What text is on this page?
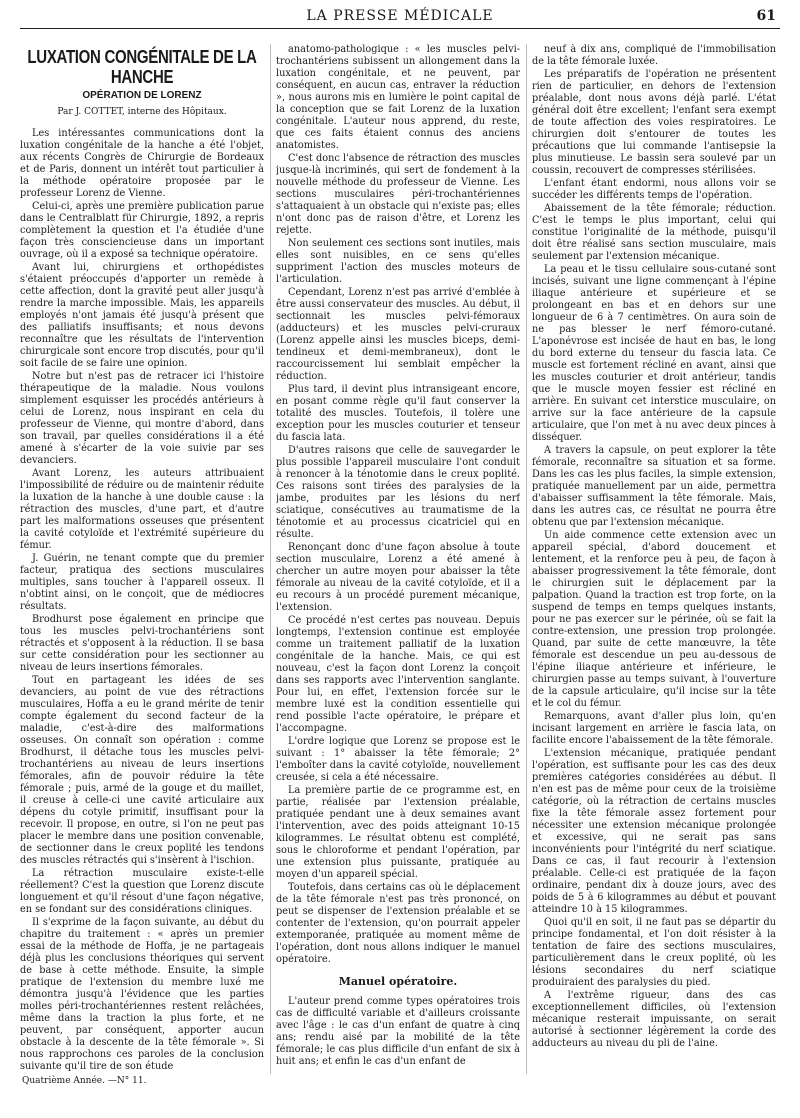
LA PRESSE MÉDICALE	61
LUXATION CONGÉNITALE DE LA HANCHE
OPÉRATION DE LORENZ
Par J. COTTET, interne des Hôpitaux.

Les intéressantes communications dont la luxation congénitale de la hanche a été l'objet, aux récents Congrès de Chirurgie de Bordeaux et de Paris, donnent un intérêt tout particulier à la méthode opératoire proposée par le professeur Lorenz de Vienne.

Celui-ci, après une première publication parue dans le Centralblatt für Chirurgie, 1892, a repris complètement la question et l'a étudiée d'une façon très consciencieuse dans un important ouvrage, où il a exposé sa technique opératoire.

Avant lui, chirurgiens et orthopédistes s'étaient préoccupés d'apporter un remède à cette affection, dont la gravité peut aller jusqu'à rendre la marche impossible. Mais, les appareils employés n'ont jamais été jusqu'à présent que des palliatifs insuffisants; et nous devons reconnaître que les résultats de l'intervention chirurgicale sont encore trop discutés, pour qu'il soit facile de se faire une opinion.

Notre but n'est pas de retracer ici l'histoire thérapeutique de la maladie. Nous voulons simplement esquisser les procédés antérieurs à celui de Lorenz, nous inspirant en cela du professeur de Vienne, qui montre d'abord, dans son travail, par quelles considérations il a été amené à s'écarter de la voie suivie par ses devanciers.

Avant Lorenz, les auteurs attribuaient l'impossibilité de réduire ou de maintenir réduite la luxation de la hanche à une double cause : la rétraction des muscles, d'une part, et d'autre part les malformations osseuses que présentent la cavité cotyloïde et l'extrémité supérieure du fémur.

J. Guérin, ne tenant compte que du premier facteur, pratiqua des sections musculaires multiples, sans toucher à l'appareil osseux. Il n'obtint ainsi, on le conçoit, que de médiocres résultats.

Brodhurst pose également en principe que tous les muscles pelvi-trochantériens sont rétractés et s'opposent à la réduction. Il se basa sur cette considération pour les sectionner au niveau de leurs insertions fémorales.

Tout en partageant les idées de ses devanciers, au point de vue des rétractions musculaires, Hoffa a eu le grand mérite de tenir compte également du second facteur de la maladie, c'est-à-dire des malformations osseuses. On connaît son opération : comme Brodhurst, il détache tous les muscles pelvi-trochantériens au niveau de leurs insertions fémorales, afin de pouvoir réduire la tête fémorale ; puis, armé de la gouge et du maillet, il creuse à celle-ci une cavité articulaire aux dépens du cotyle primitif, insuffisant pour la recevoir. Il propose, en outre, si l'on ne peut pas placer le membre dans une position convenable, de sectionner dans le creux poplité les tendons des muscles rétractés qui s'insèrent à l'ischion.

La rétraction musculaire existe-t-elle réellement? C'est la question que Lorenz discute longuement et qu'il résout d'une façon négative, en se fondant sur des considérations cliniques.

Il s'exprime de la façon suivante, au début du chapitre du traitement : « après un premier essai de la méthode de Hoffa, je ne partageais déjà plus les conclusions théoriques qui servent de base à cette méthode. Ensuite, la simple pratique de l'extension du membre luxé me démontra jusqu'à l'évidence que les parties molles péri-trochantériennes restent relâchées, même dans la traction la plus forte, et ne peuvent, par conséquent, apporter aucun obstacle à la descente de la tête fémorale ». Si nous rapprochons ces paroles de la conclusion suivante qu'il tire de son étude

anatomo-pathologique : « les muscles pelvi-trochantériens subissent un allongement dans la luxation congénitale, et ne peuvent, par conséquent, en aucun cas, entraver la réduction », nous aurons mis en lumière le point capital de la conception que se fait Lorenz de la luxation congénitale. L'auteur nous apprend, du reste, que ces faits étaient connus des anciens anatomistes.

C'est donc l'absence de rétraction des muscles jusque-là incriminés, qui sert de fondement à la nouvelle méthode du professeur de Vienne. Les sections musculaires péri-trochantériennes s'attaquaient à un obstacle qui n'existe pas; elles n'ont donc pas de raison d'être, et Lorenz les rejette.

Non seulement ces sections sont inutiles, mais elles sont nuisibles, en ce sens qu'elles suppriment l'action des muscles moteurs de l'articulation.

Cependant, Lorenz n'est pas arrivé d'emblée à être aussi conservateur des muscles. Au début, il sectionnait les muscles pelvi-fémoraux (adducteurs) et les muscles pelvi-cruraux (Lorenz appelle ainsi les muscles biceps, demi-tendineux et demi-membraneux), dont le raccourcissement lui semblait empêcher la réduction.

Plus tard, il devint plus intransigeant encore, en posant comme règle qu'il faut conserver la totalité des muscles. Toutefois, il tolère une exception pour les muscles couturier et tenseur du fascia lata.

D'autres raisons que celle de sauvegarder le plus possible l'appareil musculaire l'ont conduit à renoncer à la ténotomie dans le creux poplité. Ces raisons sont tirées des paralysies de la jambe, produites par les lésions du nerf sciatique, consécutives au traumatisme de la ténotomie et au processus cicatriciel qui en résulte.

Renonçant donc d'une façon absolue à toute section musculaire, Lorenz a été amené à chercher un autre moyen pour abaisser la tête fémorale au niveau de la cavité cotyloïde, et il a eu recours à un procédé purement mécanique, l'extension.

Ce procédé n'est certes pas nouveau. Depuis longtemps, l'extension continue est employée comme un traitement palliatif de la luxation congénitale de la hanche. Mais, ce qui est nouveau, c'est la façon dont Lorenz la conçoit dans ses rapports avec l'intervention sanglante. Pour lui, en effet, l'extension forcée sur le membre luxé est la condition essentielle qui rend possible l'acte opératoire, le prépare et l'accompagne.

L'ordre logique que Lorenz se propose est le suivant : 1° abaisser la tête fémorale; 2° l'emboîter dans la cavité cotyloïde, nouvellement creusée, si cela a été nécessaire.

La première partie de ce programme est, en partie, réalisée par l'extension préalable, pratiquée pendant une à deux semaines avant l'intervention, avec des poids atteignant 10-15 kilogrammes. Le résultat obtenu est complété, sous le chloroforme et pendant l'opération, par une extension plus puissante, pratiquée au moyen d'un appareil spécial.

Toutefois, dans certains cas où le déplacement de la tête fémorale n'est pas très prononcé, on peut se dispenser de l'extension préalable et se contenter de l'extension, qu'on pourrait appeler extemporanée, pratiquée au moment même de l'opération, dont nous allons indiquer le manuel opératoire.

Manuel opératoire.

L'auteur prend comme types opératoires trois cas de difficulté variable et d'ailleurs croissante avec l'âge : le cas d'un enfant de quatre à cinq ans; rendu aisé par la mobilité de la tête fémorale; le cas plus difficile d'un enfant de six à huit ans; et enfin le cas d'un enfant de

neuf à dix ans, compliqué de l'immobilisation de la tête fémorale luxée.

Les préparatifs de l'opération ne présentent rien de particulier, en dehors de l'extension préalable, dont nous avons déjà parlé. L'état général doit être excellent; l'enfant sera exempt de toute affection des voies respiratoires. Le chirurgien doit s'entourer de toutes les précautions que lui commande l'antisepsie la plus minutieuse. Le bassin sera soulevé par un coussin, recouvert de compresses stérilisées.

L'enfant étant endormi, nous allons voir se succéder les différents temps de l'opération.

Abaissement de la tête fémorale; réduction. C'est le temps le plus important, celui qui constitue l'originalité de la méthode, puisqu'il doit être réalisé sans section musculaire, mais seulement par l'extension mécanique.

La peau et le tissu cellulaire sous-cutané sont incisés, suivant une ligne commençant à l'épine iliaque antérieure et supérieure et se prolongeant en bas et en dehors sur une longueur de 6 à 7 centimètres. On aura soin de ne pas blesser le nerf fémoro-cutané. L'aponévrose est incisée de haut en bas, le long du bord externe du tenseur du fascia lata. Ce muscle est fortement récliné en avant, ainsi que les muscles couturier et droit antérieur, tandis que le muscle moyen fessier est récliné en arrière. En suivant cet interstice musculaire, on arrive sur la face antérieure de la capsule articulaire, que l'on met à nu avec deux pinces à disséquer.

A travers la capsule, on peut explorer la tête fémorale, reconnaître sa situation et sa forme. Dans les cas les plus faciles, la simple extension, pratiquée manuellement par un aide, permettra d'abaisser suffisamment la tête fémorale. Mais, dans les autres cas, ce résultat ne pourra être obtenu que par l'extension mécanique.

Un aide commence cette extension avec un appareil spécial, d'abord doucement et lentement, et la renforce peu à peu, de façon à abaisser progressivement la tête fémorale, dont le chirurgien suit le déplacement par la palpation. Quand la traction est trop forte, on la suspend de temps en temps quelques instants, pour ne pas exercer sur le périnée, où se fait la contre-extension, une pression trop prolongée. Quand, par suite de cette manœuvre, la tête fémorale est descendue un peu au-dessous de l'épine iliaque antérieure et inférieure, le chirurgien passe au temps suivant, à l'ouverture de la capsule articulaire, qu'il incise sur la tête et le col du fémur.

Remarquons, avant d'aller plus loin, qu'en incisant largement en arrière le fascia lata, on facilite encore l'abaissement de la tête fémorale.

L'extension mécanique, pratiquée pendant l'opération, est suffisante pour les cas des deux premières catégories considérées au début. Il n'en est pas de même pour ceux de la troisième catégorie, où la rétraction de certains muscles fixe la tête fémorale assez fortement pour nécessiter une extension mécanique prolongée et excessive, qui ne serait pas sans inconvénients pour l'intégrité du nerf sciatique. Dans ce cas, il faut recourir à l'extension préalable. Celle-ci est pratiquée de la façon ordinaire, pendant dix à douze jours, avec des poids de 5 à 6 kilogrammes au début et pouvant atteindre 10 à 15 kilogrammes.

Quoi qu'il en soit, il ne faut pas se départir du principe fondamental, et l'on doit résister à la tentation de faire des sections musculaires, particulièrement dans le creux poplité, où les lésions secondaires du nerf sciatique produiraient des paralysies du pied.

A l'extrême rigueur, dans des cas exceptionnellement difficiles, où l'extension mécanique resterait impuissante, on serait autorisé à sectionner légèrement la corde des adducteurs au niveau du pli de l'aine.

Quatrième Année. —N° 11.
